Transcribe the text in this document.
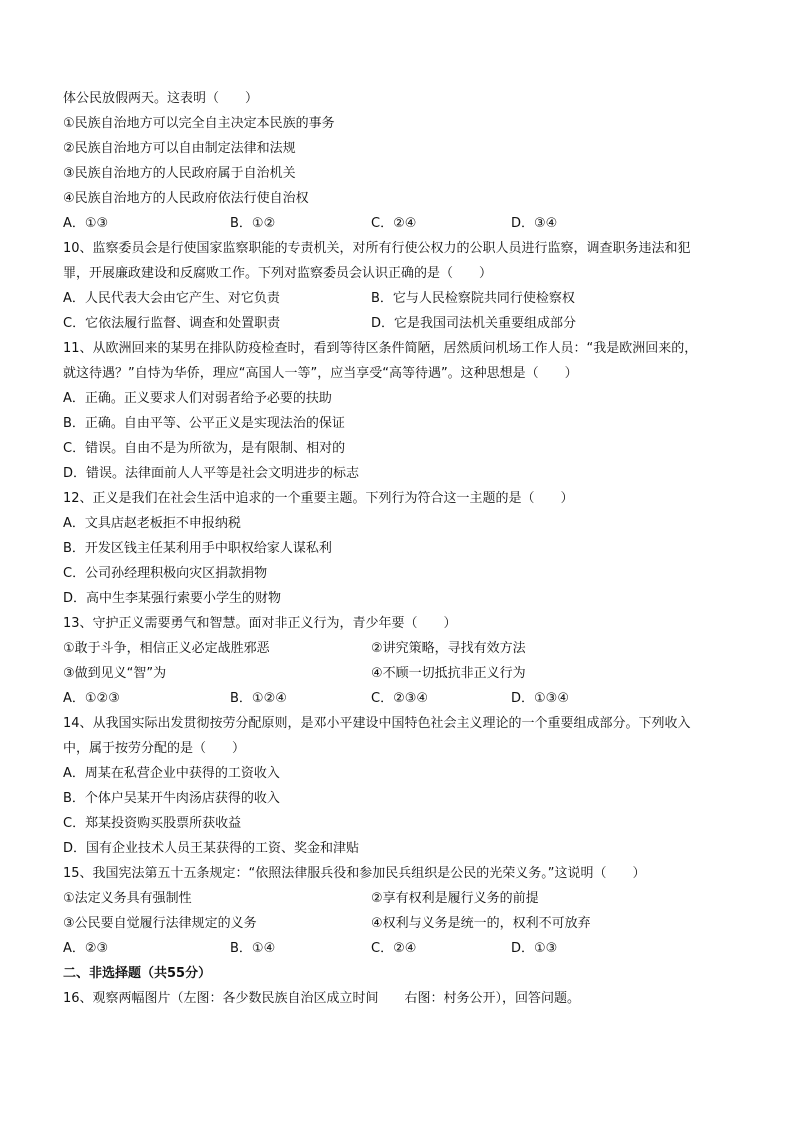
体公民放假两天。这表明（　　）
①民族自治地方可以完全自主决定本民族的事务
②民族自治地方可以自由制定法律和法规
③民族自治地方的人民政府属于自治机关
④民族自治地方的人民政府依法行使自治权
A．①③	B．①②	C．②④	D．③④
10、监察委员会是行使国家监察职能的专责机关，对所有行使公权力的公职人员进行监察，调查职务违法和犯
罪，开展廉政建设和反腐败工作。下列对监察委员会认识正确的是（　　）
A．人民代表大会由它产生、对它负责	B．它与人民检察院共同行使检察权
C．它依法履行监督、调查和处置职责	D．它是我国司法机关重要组成部分
11、从欧洲回来的某男在排队防疫检查时，看到等待区条件简陋，居然质问机场工作人员：“我是欧洲回来的，
就这待遇？”自恃为华侨，理应“高国人一等”，应当享受“高等待遇”。这种思想是（　　）
A．正确。正义要求人们对弱者给予必要的扶助
B．正确。自由平等、公平正义是实现法治的保证
C．错误。自由不是为所欲为，是有限制、相对的
D．错误。法律面前人人平等是社会文明进步的标志
12、正义是我们在社会生活中追求的一个重要主题。下列行为符合这一主题的是（　　）
A．文具店赵老板拒不申报纳税
B．开发区钱主任某利用手中职权给家人谋私利
C．公司孙经理积极向灾区捐款捐物
D．高中生李某强行索要小学生的财物
13、守护正义需要勇气和智慧。面对非正义行为，青少年要（　　）
①敢于斗争，相信正义必定战胜邪恶	②讲究策略，寻找有效方法
③做到见义“智”为	④不顾一切抵抗非正义行为
A．①②③	B．①②④	C．②③④	D．①③④
14、从我国实际出发贯彻按劳分配原则，是邓小平建设中国特色社会主义理论的一个重要组成部分。下列收入
中，属于按劳分配的是（　　）
A．周某在私营企业中获得的工资收入
B．个体户吴某开牛肉汤店获得的收入
C．郑某投资购买股票所获收益
D．国有企业技术人员王某获得的工资、奖金和津贴
15、我国宪法第五十五条规定：“依照法律服兵役和参加民兵组织是公民的光荣义务。”这说明（　　）
①法定义务具有强制性	②享有权利是履行义务的前提
③公民要自觉履行法律规定的义务	④权利与义务是统一的，权利不可放弃
A．②③	B．①④	C．②④	D．①③
二、非选择题（共55分）
16、观察两幅图片（左图：各少数民族自治区成立时间　　右图：村务公开），回答问题。
